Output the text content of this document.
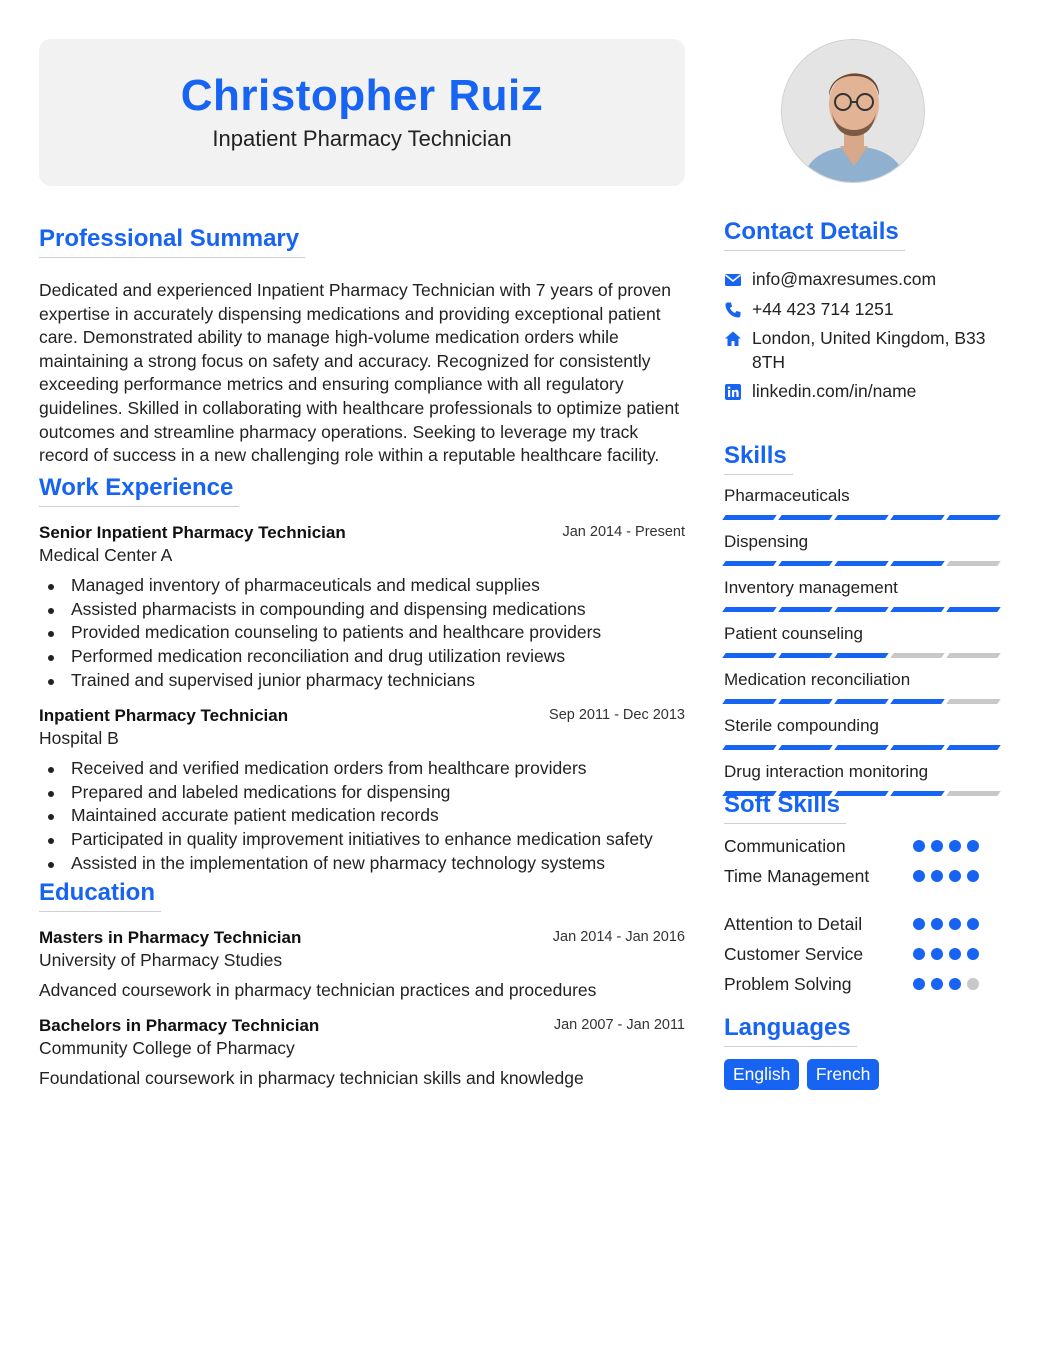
Christopher Ruiz
Inpatient Pharmacy Technician
Professional Summary

Dedicated and experienced Inpatient Pharmacy Technician with 7 years of proven expertise in accurately dispensing medications and providing exceptional patient care. Demonstrated ability to manage high-volume medication orders while maintaining a strong focus on safety and accuracy. Recognized for consistently exceeding performance metrics and ensuring compliance with all regulatory guidelines. Skilled in collaborating with healthcare professionals to optimize patient outcomes and streamline pharmacy operations. Seeking to leverage my track record of success in a new challenging role within a reputable healthcare facility.

Work Experience
Senior Inpatient Pharmacy Technician	Jan 2014 - Present
Medical Center A
Managed inventory of pharmaceuticals and medical supplies
Assisted pharmacists in compounding and dispensing medications
Provided medication counseling to patients and healthcare providers
Performed medication reconciliation and drug utilization reviews
Trained and supervised junior pharmacy technicians
Inpatient Pharmacy Technician	Sep 2011 - Dec 2013
Hospital B
Received and verified medication orders from healthcare providers
Prepared and labeled medications for dispensing
Maintained accurate patient medication records
Participated in quality improvement initiatives to enhance medication safety
Assisted in the implementation of new pharmacy technology systems
Education
Masters in Pharmacy Technician	Jan 2014 - Jan 2016
University of Pharmacy Studies
Advanced coursework in pharmacy technician practices and procedures
Bachelors in Pharmacy Technician	Jan 2007 - Jan 2011
Community College of Pharmacy
Foundational coursework in pharmacy technician skills and knowledge
Contact Details
info@maxresumes.com
+44 423 714 1251
London, United Kingdom, B33 8TH
linkedin.com/in/name
Skills
Pharmaceuticals
Dispensing
Inventory management
Patient counseling
Medication reconciliation
Sterile compounding
Drug interaction monitoring
Soft Skills
Communication
Time Management
Attention to Detail
Customer Service
Problem Solving
Languages
English French
